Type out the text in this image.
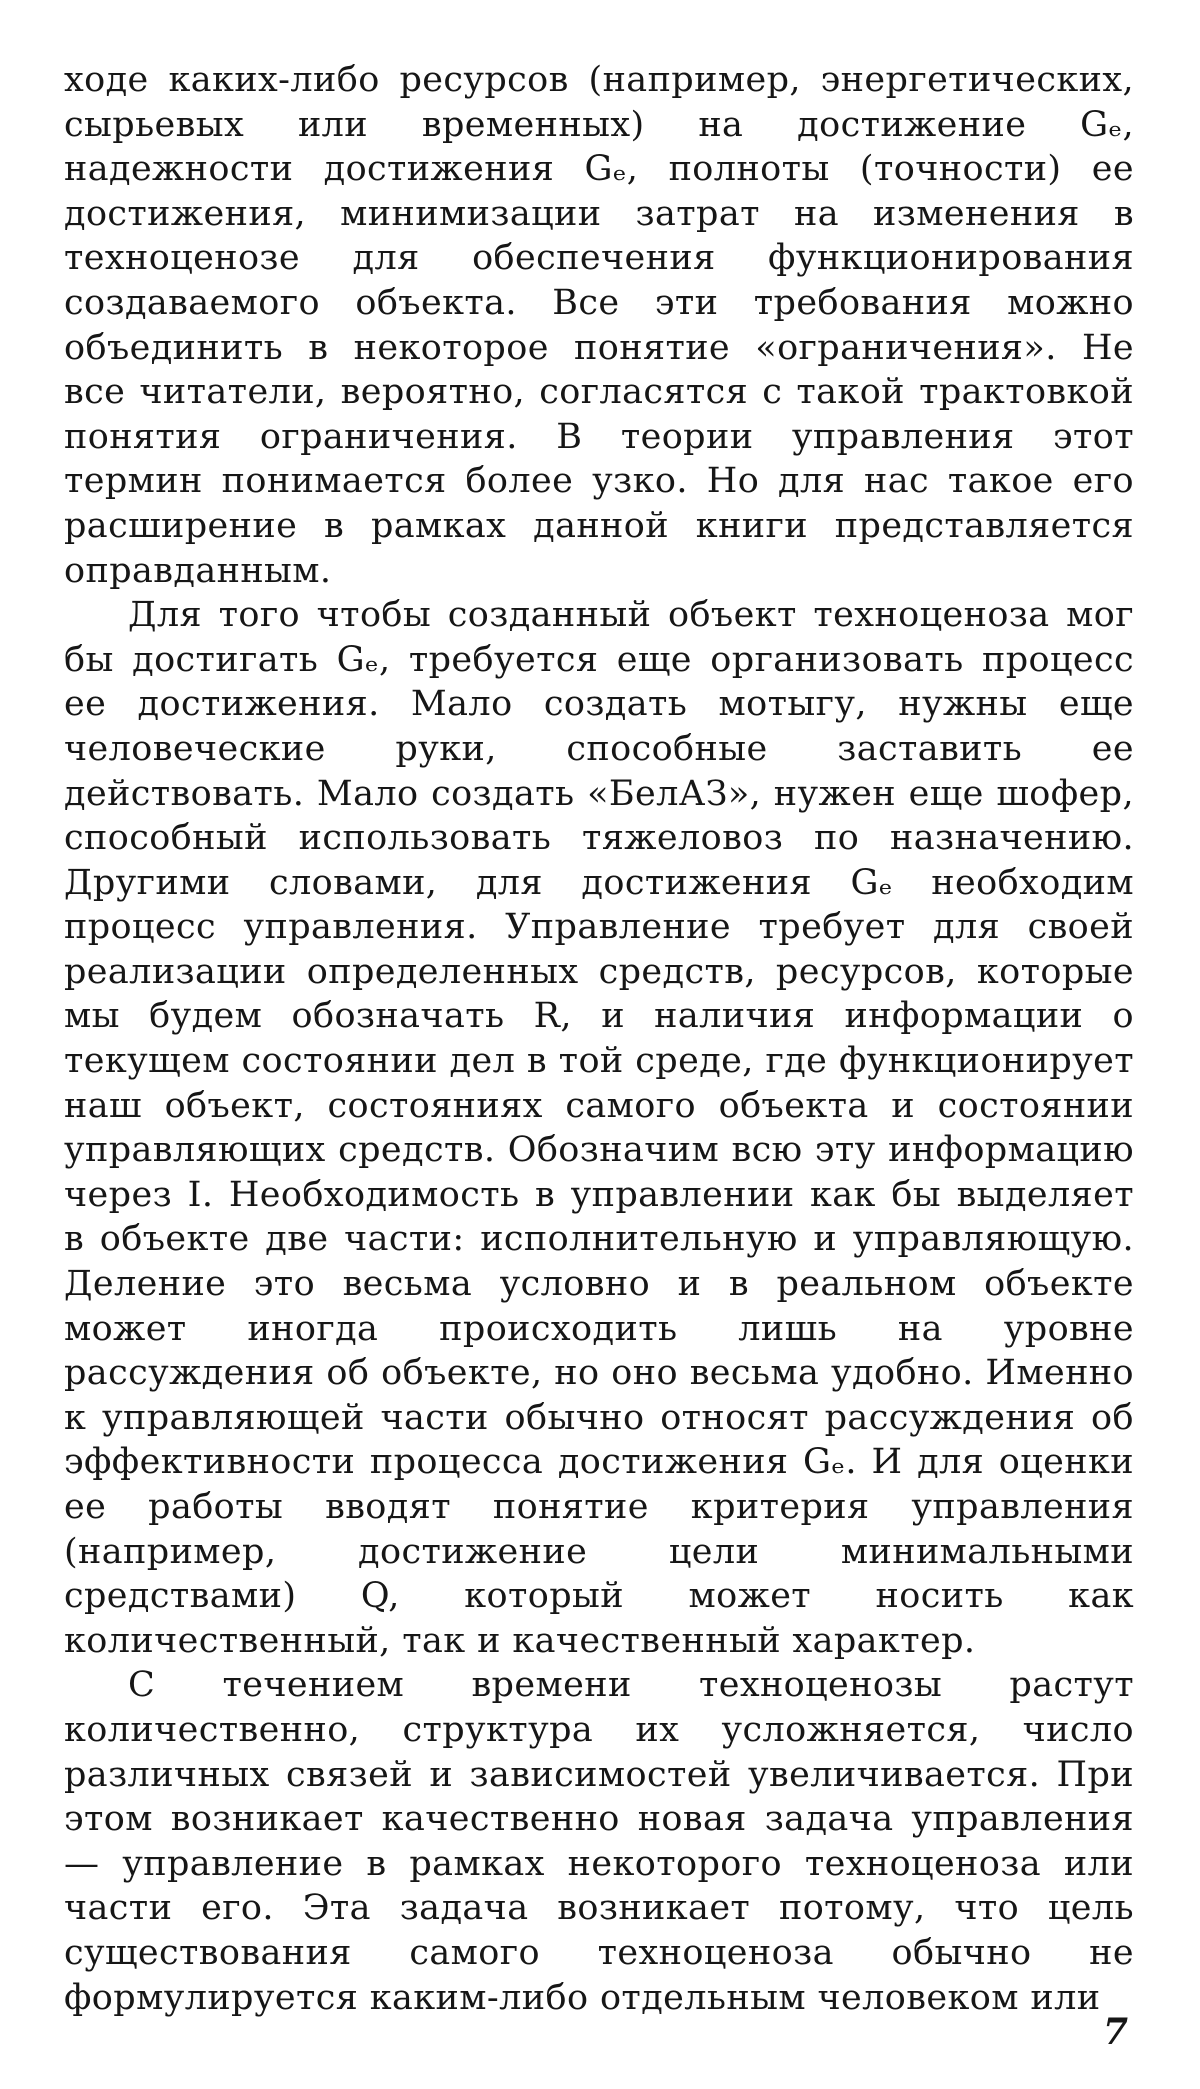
ходе каких-либо ресурсов (например, энергетических, сырьевых или временных) на достижение Gₑ, надежности достижения Gₑ, полноты (точности) ее достижения, минимизации затрат на изменения в техноценозе для обеспечения функционирования создаваемого объекта. Все эти требования можно объединить в некоторое понятие «ограничения». Не все читатели, вероятно, согласятся с такой трактовкой понятия ограничения. В теории управления этот термин понимается более узко. Но для нас такое его расширение в рамках данной книги представляется оправданным.

Для того чтобы созданный объект техноценоза мог бы достигать Gₑ, требуется еще организовать процесс ее достижения. Мало создать мотыгу, нужны еще человеческие руки, способные заставить ее действовать. Мало создать «БелАЗ», нужен еще шофер, способный использовать тяжеловоз по назначению. Другими словами, для достижения Gₑ необходим процесс управления. Управление требует для своей реализации определенных средств, ресурсов, которые мы будем обозначать R, и наличия информации о текущем состоянии дел в той среде, где функционирует наш объект, состояниях самого объекта и состоянии управляющих средств. Обозначим всю эту информацию через I. Необходимость в управлении как бы выделяет в объекте две части: исполнительную и управляющую. Деление это весьма условно и в реальном объекте может иногда происходить лишь на уровне рассуждения об объекте, но оно весьма удобно. Именно к управляющей части обычно относят рассуждения об эффективности процесса достижения Gₑ. И для оценки ее работы вводят понятие критерия управления (например, достижение цели минимальными средствами) Q, который может носить как количественный, так и качественный характер.

С течением времени техноценозы растут количественно, структура их усложняется, число различных связей и зависимостей увеличивается. При этом возникает качественно новая задача управления — управление в рамках некоторого техноценоза или части его. Эта задача возникает потому, что цель существования самого техноценоза обычно не формулируется каким-либо отдельным человеком или

7
